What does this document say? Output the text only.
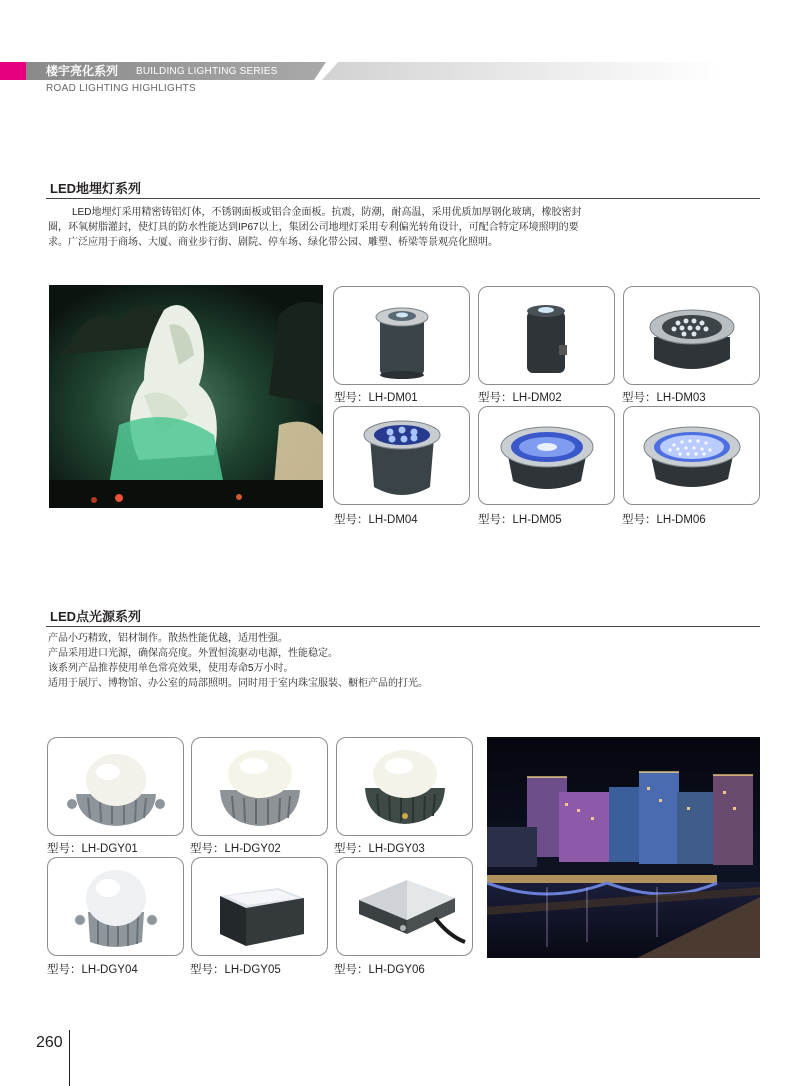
楼宇亮化系列 BUILDING LIGHTING SERIES
ROAD LIGHTING HIGHLIGHTS
LED地埋灯系列

LED地埋灯采用精密铸铝灯体，不锈钢面板或铝合金面板。抗震，防潮，耐高温，采用优质加厚钢化玻璃，橡胶密封

圈，环氧树脂灌封，使灯具的防水性能达到IP67以上，集团公司地埋灯采用专利偏光转角设计，可配合特定环境照明的要

求。广泛应用于商场、大厦、商业步行街、剧院、停车场、绿化带公园、雕塑、桥梁等景观亮化照明。

型号：LH-DM01	型号：LH-DM02	型号：LH-DM03
型号：LH-DM04	型号：LH-DM05	型号：LH-DM06
LED点光源系列

产品小巧精致，铝材制作。散热性能优越，适用性强。

产品采用进口光源，确保高亮度。外置恒流驱动电源，性能稳定。

该系列产品推荐使用单色常亮效果，使用寿命5万小时。

适用于展厅、博物馆、办公室的局部照明。同时用于室内珠宝服装、橱柜产品的打光。

型号：LH-DGY01	型号：LH-DGY02	型号：LH-DGY03
型号：LH-DGY04	型号：LH-DGY05	型号：LH-DGY06
260
